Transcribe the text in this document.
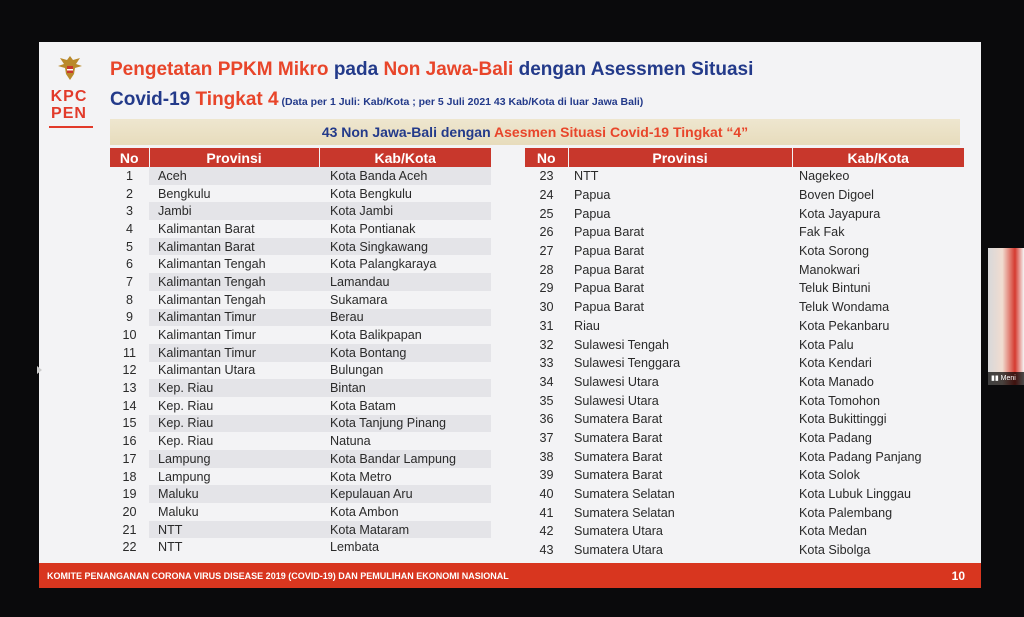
KPC
PEN
Pengetatan PPKM Mikro pada Non Jawa-Bali dengan Asessmen Situasi
Covid-19 Tingkat 4 (Data per 1 Juli: Kab/Kota ; per 5 Juli 2021 43 Kab/Kota di luar Jawa Bali)
43 Non Jawa-Bali dengan Asesmen Situasi Covid-19 Tingkat “4”
No	Provinsi	Kab/Kota
1	Aceh	Kota Banda Aceh
2	Bengkulu	Kota Bengkulu
3	Jambi	Kota Jambi
4	Kalimantan Barat	Kota Pontianak
5	Kalimantan Barat	Kota Singkawang
6	Kalimantan Tengah	Kota Palangkaraya
7	Kalimantan Tengah	Lamandau
8	Kalimantan Tengah	Sukamara
9	Kalimantan Timur	Berau
10	Kalimantan Timur	Kota Balikpapan
11	Kalimantan Timur	Kota Bontang
12	Kalimantan Utara	Bulungan
13	Kep. Riau	Bintan
14	Kep. Riau	Kota Batam
15	Kep. Riau	Kota Tanjung Pinang
16	Kep. Riau	Natuna
17	Lampung	Kota Bandar Lampung
18	Lampung	Kota Metro
19	Maluku	Kepulauan Aru
20	Maluku	Kota Ambon
21	NTT	Kota Mataram
22	NTT	Lembata
No	Provinsi	Kab/Kota
23	NTT	Nagekeo
24	Papua	Boven Digoel
25	Papua	Kota Jayapura
26	Papua Barat	Fak Fak
27	Papua Barat	Kota Sorong
28	Papua Barat	Manokwari
29	Papua Barat	Teluk Bintuni
30	Papua Barat	Teluk Wondama
31	Riau	Kota Pekanbaru
32	Sulawesi Tengah	Kota Palu
33	Sulawesi Tenggara	Kota Kendari
34	Sulawesi Utara	Kota Manado
35	Sulawesi Utara	Kota Tomohon
36	Sumatera Barat	Kota Bukittinggi
37	Sumatera Barat	Kota Padang
38	Sumatera Barat	Kota Padang Panjang
39	Sumatera Barat	Kota Solok
40	Sumatera Selatan	Kota Lubuk Linggau
41	Sumatera Selatan	Kota Palembang
42	Sumatera Utara	Kota Medan
43	Sumatera Utara	Kota Sibolga
KOMITE PENANGANAN CORONA VIRUS DISEASE 2019 (COVID-19) DAN PEMULIHAN EKONOMI NASIONAL	10
▮▮ Meni
